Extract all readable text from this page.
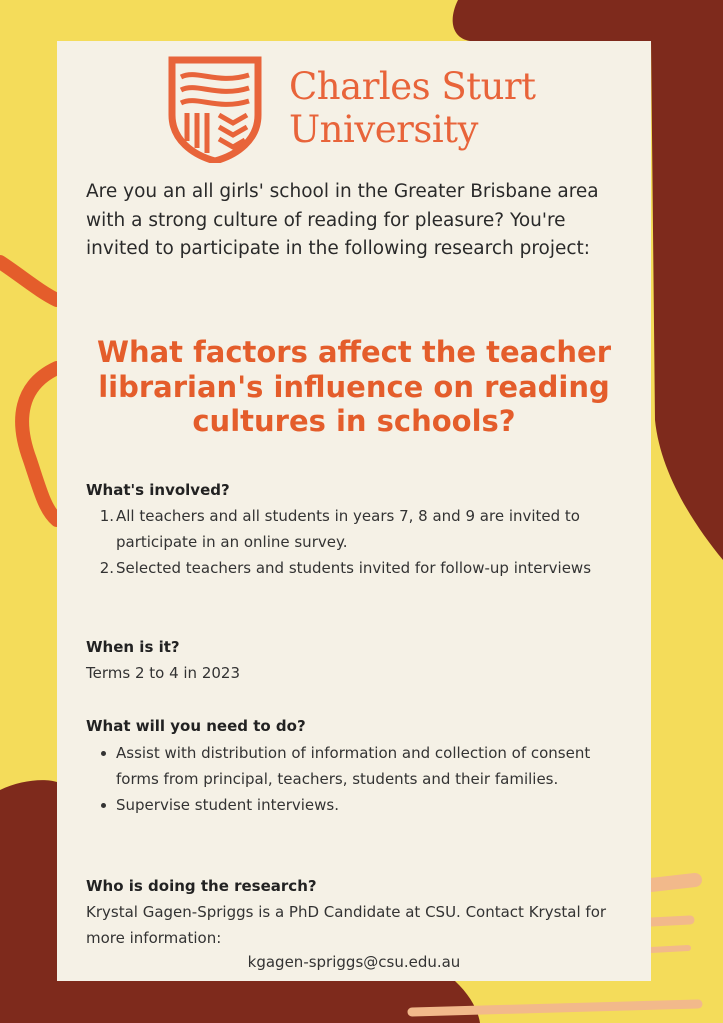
Charles Sturt
University
Are you an all girls' school in the Greater Brisbane area with a strong culture of reading for pleasure? You're invited to participate in the following research project:
What factors affect the teacher librarian's influence on reading cultures in schools?
What's involved?
1. All teachers and all students in years 7, 8 and 9 are invited to participate in an online survey.
2. Selected teachers and students invited for follow-up interviews
When is it?
Terms 2 to 4 in 2023
What will you need to do?
Assist with distribution of information and collection of consent forms from principal, teachers, students and their families.
Supervise student interviews.
Who is doing the research?
Krystal Gagen-Spriggs is a PhD Candidate at CSU. Contact Krystal for more information:
kgagen-spriggs@csu.edu.au
